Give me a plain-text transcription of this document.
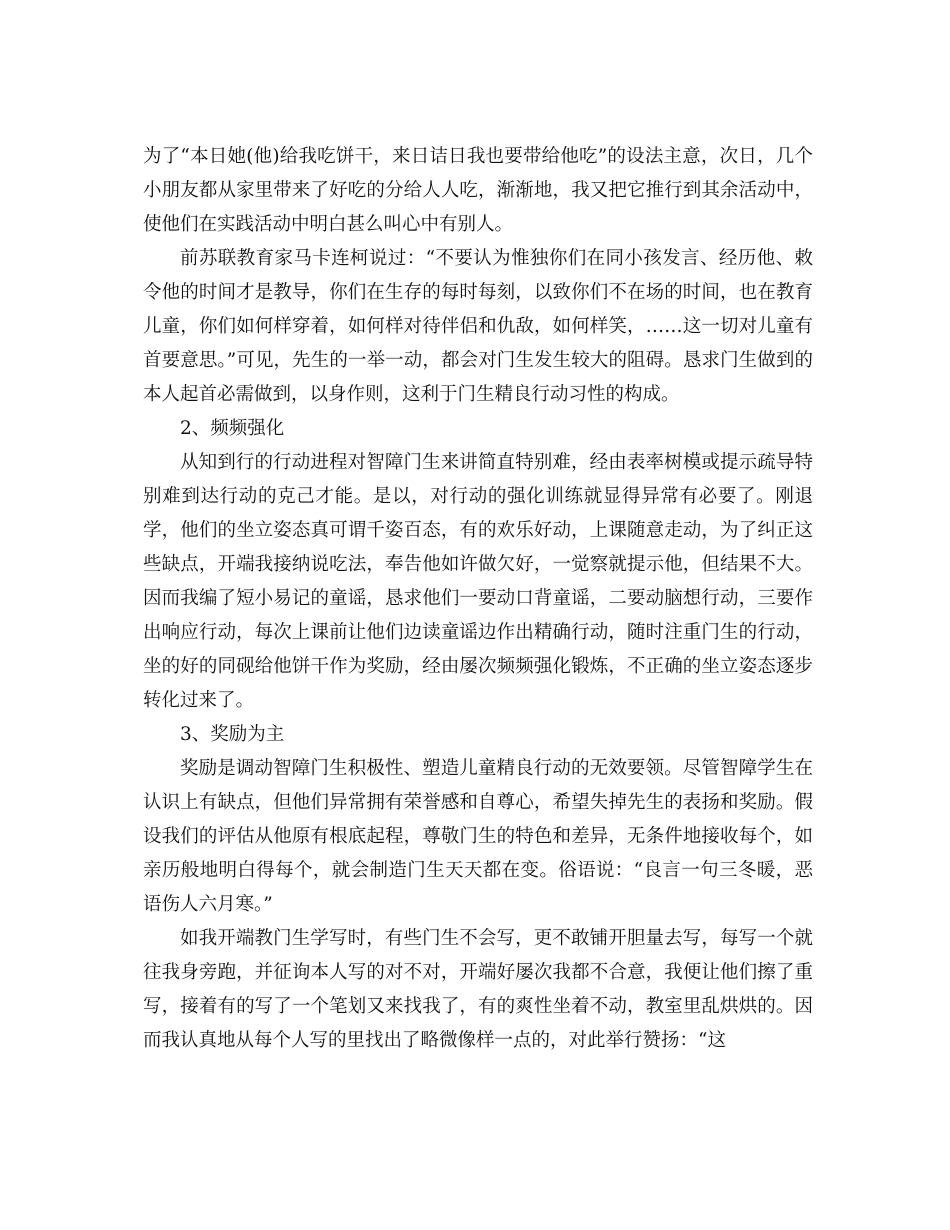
为了“本日她(他)给我吃饼干，来日诘日我也要带给他吃”的设法主意，次日，几个小朋友都从家里带来了好吃的分给人人吃，渐渐地，我又把它推行到其余活动中，使他们在实践活动中明白甚么叫心中有别人。

前苏联教育家马卡连柯说过：“不要认为惟独你们在同小孩发言、经历他、敕令他的时间才是教导，你们在生存的每时每刻，以致你们不在场的时间，也在教育儿童，你们如何样穿着，如何样对待伴侣和仇敌，如何样笑，……这一切对儿童有首要意思。”可见，先生的一举一动，都会对门生发生较大的阻碍。恳求门生做到的本人起首必需做到，以身作则，这利于门生精良行动习性的构成。

2、频频强化

从知到行的行动进程对智障门生来讲简直特别难，经由表率树模或提示疏导特别难到达行动的克己才能。是以，对行动的强化训练就显得异常有必要了。刚退学，他们的坐立姿态真可谓千姿百态，有的欢乐好动，上课随意走动，为了纠正这些缺点，开端我接纳说吃法，奉告他如许做欠好，一觉察就提示他，但结果不大。因而我编了短小易记的童谣，恳求他们一要动口背童谣，二要动脑想行动，三要作出响应行动，每次上课前让他们边读童谣边作出精确行动，随时注重门生的行动，坐的好的同砚给他饼干作为奖励，经由屡次频频强化锻炼，不正确的坐立姿态逐步转化过来了。

3、奖励为主

奖励是调动智障门生积极性、塑造儿童精良行动的无效要领。尽管智障学生在认识上有缺点，但他们异常拥有荣誉感和自尊心，希望失掉先生的表扬和奖励。假设我们的评估从他原有根底起程，尊敬门生的特色和差异，无条件地接收每个，如亲历般地明白得每个，就会制造门生天天都在变。俗语说：“良言一句三冬暖，恶语伤人六月寒。”

如我开端教门生学写时，有些门生不会写，更不敢铺开胆量去写，每写一个就往我身旁跑，并征询本人写的对不对，开端好屡次我都不合意，我便让他们擦了重写，接着有的写了一个笔划又来找我了，有的爽性坐着不动，教室里乱烘烘的。因而我认真地从每个人写的里找出了略微像样一点的，对此举行赞扬：“这
